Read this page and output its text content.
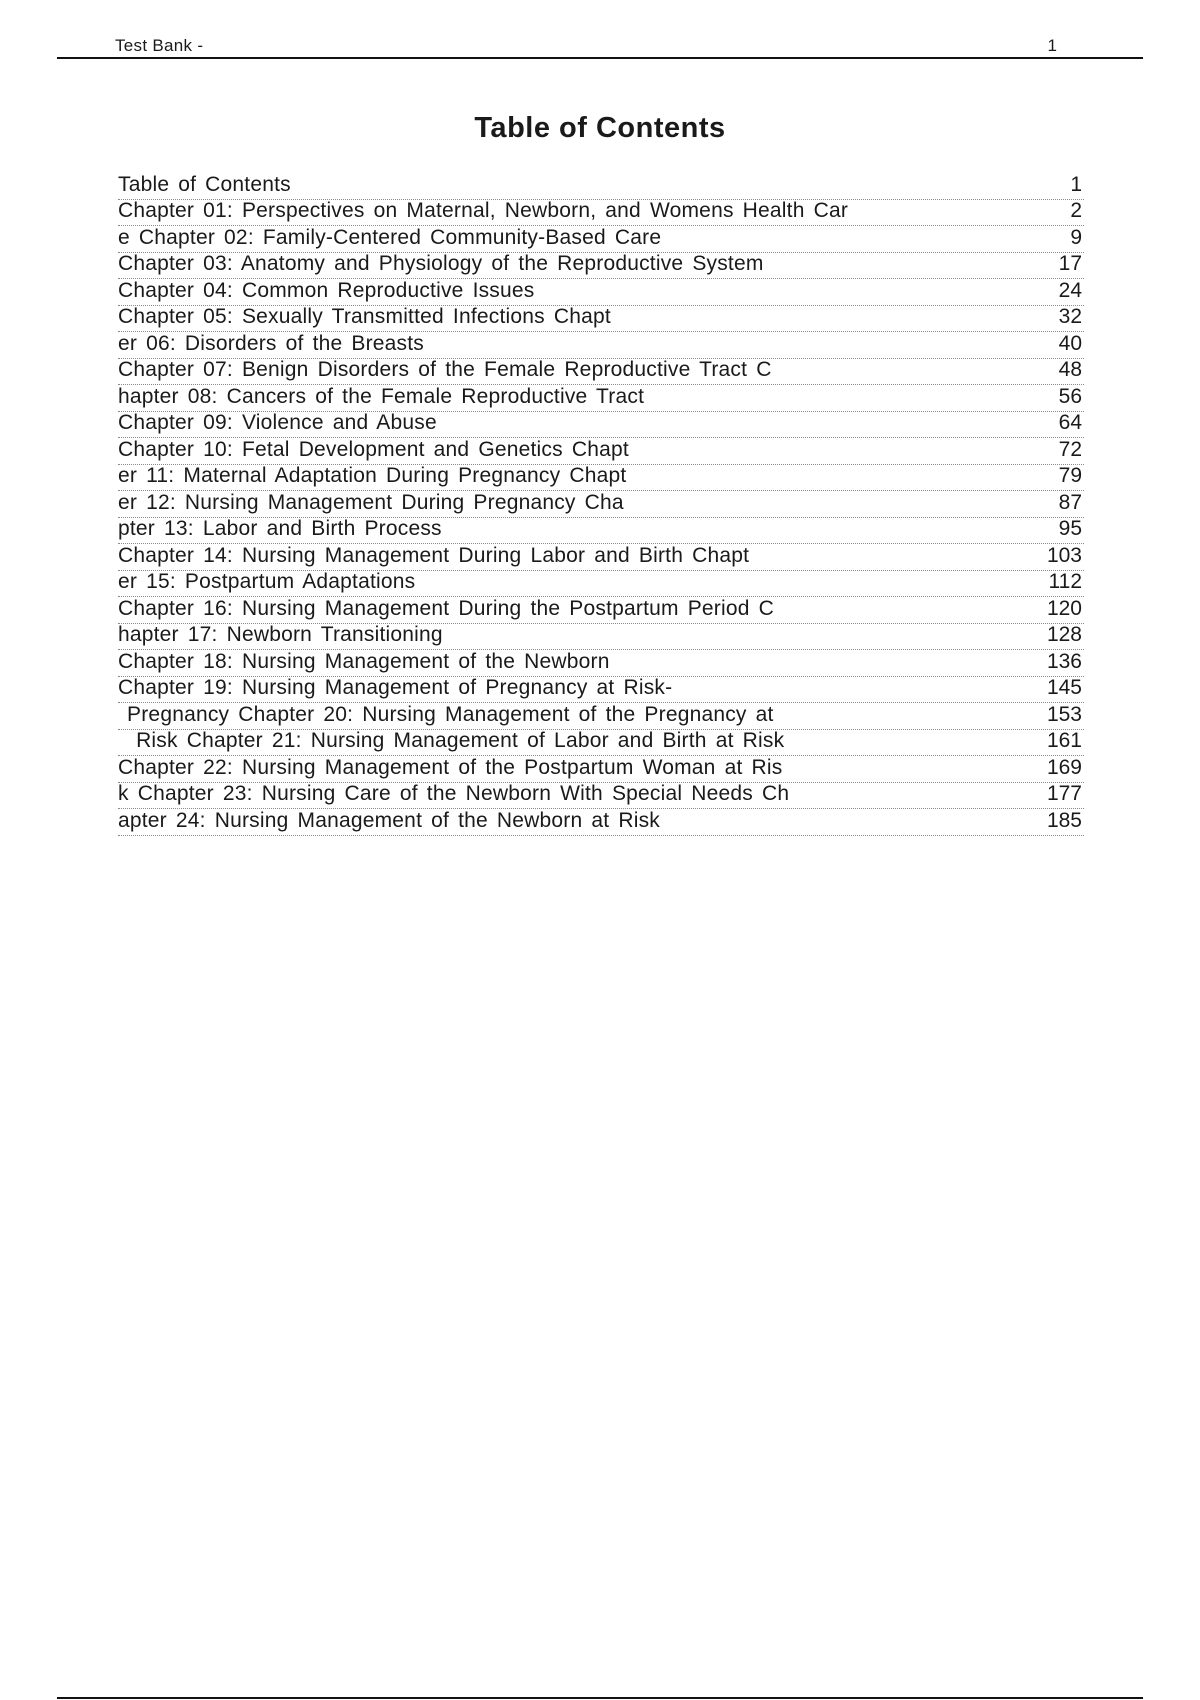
Test Bank -	1
Table of Contents
Table of Contents	1
Chapter 01: Perspectives on Maternal, Newborn, and Womens Health Car	2
e Chapter 02: Family-Centered Community-Based Care	9
Chapter 03: Anatomy and Physiology of the Reproductive System	17
Chapter 04: Common Reproductive Issues	24
Chapter 05: Sexually Transmitted Infections Chapt	32
er 06: Disorders of the Breasts	40
Chapter 07: Benign Disorders of the Female Reproductive Tract C	48
hapter 08: Cancers of the Female Reproductive Tract	56
Chapter 09: Violence and Abuse	64
Chapter 10: Fetal Development and Genetics Chapt	72
er 11: Maternal Adaptation During Pregnancy Chapt	79
er 12: Nursing Management During Pregnancy Cha	87
pter 13: Labor and Birth Process	95
Chapter 14: Nursing Management During Labor and Birth Chapt	103
er 15: Postpartum Adaptations	112
Chapter 16: Nursing Management During the Postpartum Period C	120
hapter 17: Newborn Transitioning	128
Chapter 18: Nursing Management of the Newborn	136
Chapter 19: Nursing Management of Pregnancy at Risk-	145
Pregnancy Chapter 20: Nursing Management of the Pregnancy at	153
Risk Chapter 21: Nursing Management of Labor and Birth at Risk	161
Chapter 22: Nursing Management of the Postpartum Woman at Ris	169
k Chapter 23: Nursing Care of the Newborn With Special Needs Ch	177
apter 24: Nursing Management of the Newborn at Risk	185
